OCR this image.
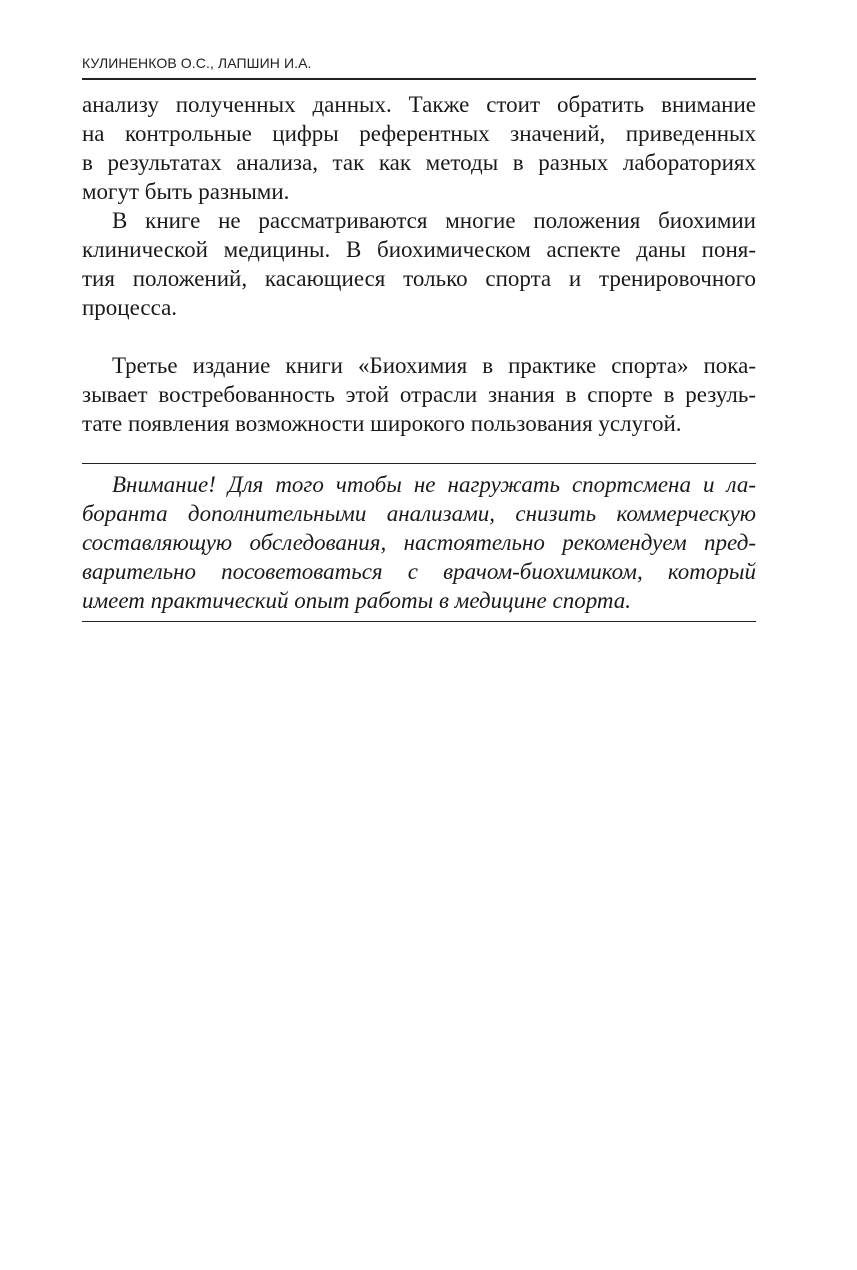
КУЛИНЕНКОВ О.С., ЛАПШИН И.А.
анализу полученных данных. Также стоит обратить внимание
на контрольные цифры референтных значений, приведенных
в результатах анализа, так как методы в разных лабораториях
могут быть разными.
В книге не рассматриваются многие положения биохимии
клинической медицины. В биохимическом аспекте даны поня-
тия положений, касающиеся только спорта и тренировочного
процесса.
Третье издание книги «Биохимия в практике спорта» пока-
зывает востребованность этой отрасли знания в спорте в резуль-
тате появления возможности широкого пользования услугой.
Внимание! Для того чтобы не нагружать спортсмена и ла-
боранта дополнительными анализами, снизить коммерческую
составляющую обследования, настоятельно рекомендуем пред-
варительно посоветоваться с врачом-биохимиком, который
имеет практический опыт работы в медицине спорта.
